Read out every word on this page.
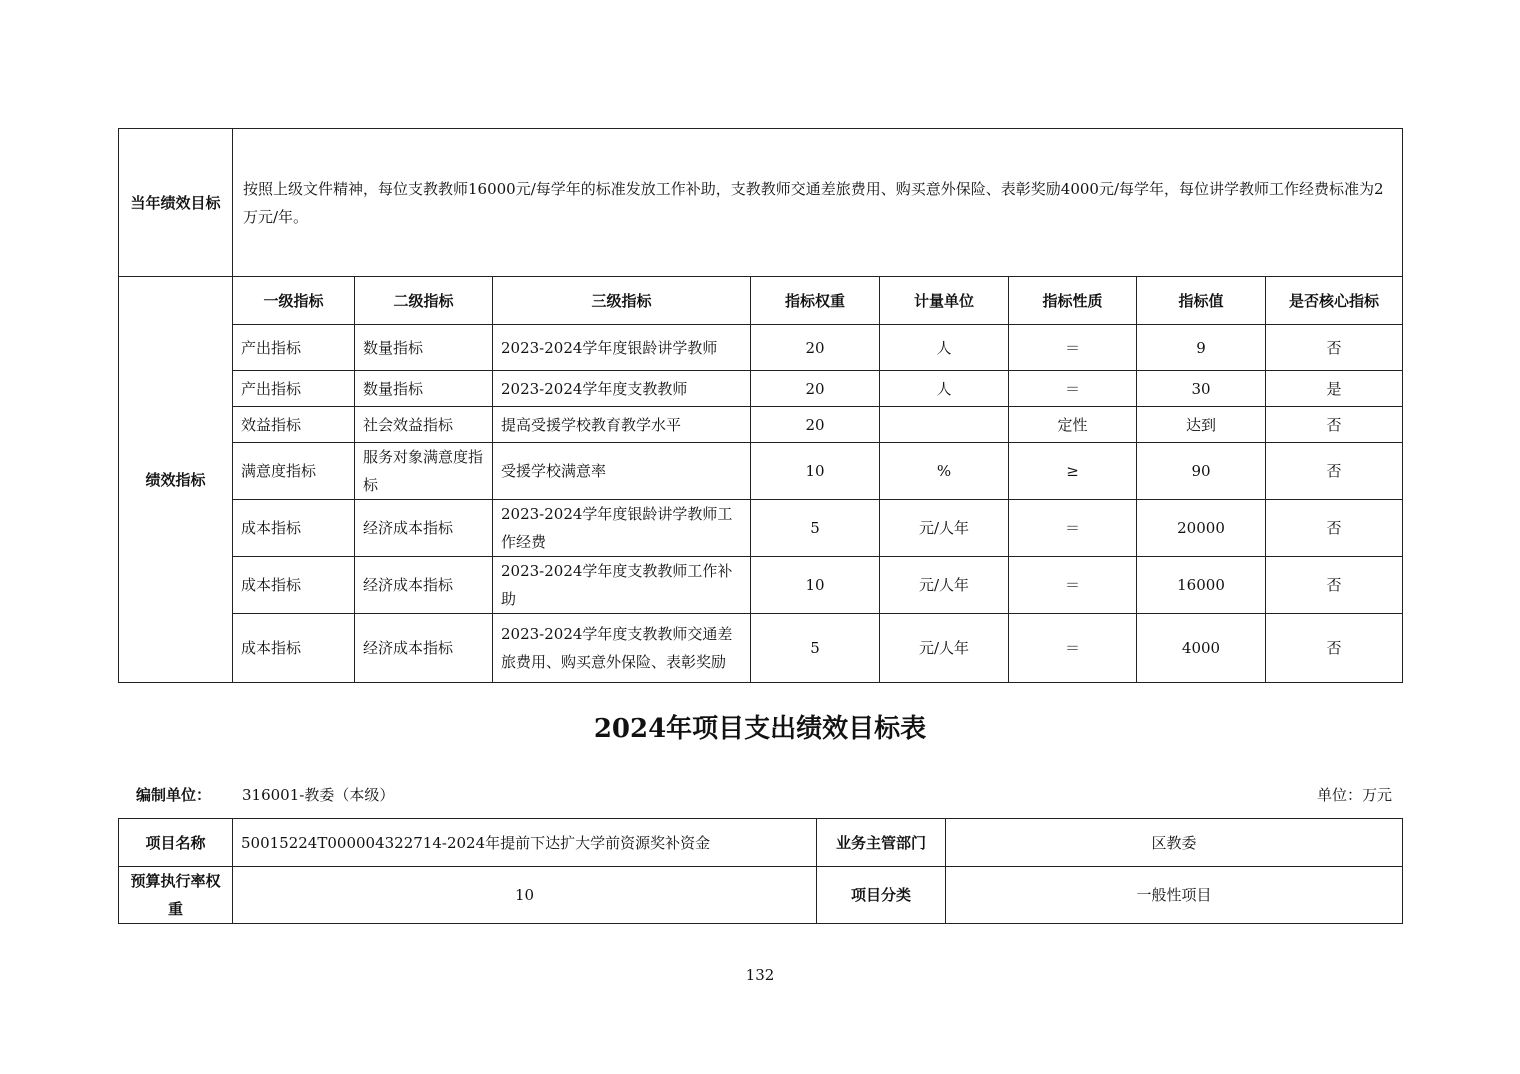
当年绩效目标	按照上级文件精神，每位支教教师16000元/每学年的标准发放工作补助，支教教师交通差旅费用、购买意外保险、表彰奖励4000元/每学年，每位讲学教师工作经费标准为2万元/年。							
绩效指标	一级指标	二级指标	三级指标	指标权重	计量单位	指标性质	指标值	是否核心指标
	产出指标	数量指标	2023-2024学年度银龄讲学教师	20	人	＝	9	否
	产出指标	数量指标	2023-2024学年度支教教师	20	人	＝	30	是
	效益指标	社会效益指标	提高受援学校教育教学水平	20		定性	达到	否
	满意度指标	服务对象满意度指标	受援学校满意率	10	%	≥	90	否
	成本指标	经济成本指标	2023-2024学年度银龄讲学教师工作经费	5	元/人年	＝	20000	否
	成本指标	经济成本指标	2023-2024学年度支教教师工作补助	10	元/人年	＝	16000	否
	成本指标	经济成本指标	2023-2024学年度支教教师交通差旅费用、购买意外保险、表彰奖励	5	元/人年	＝	4000	否
2024年项目支出绩效目标表
编制单位： 316001-教委（本级）	单位：万元
项目名称	50015224T000004322714-2024年提前下达扩大学前资源奖补资金	业务主管部门	区教委
预算执行率权重	10	项目分类	一般性项目
132
